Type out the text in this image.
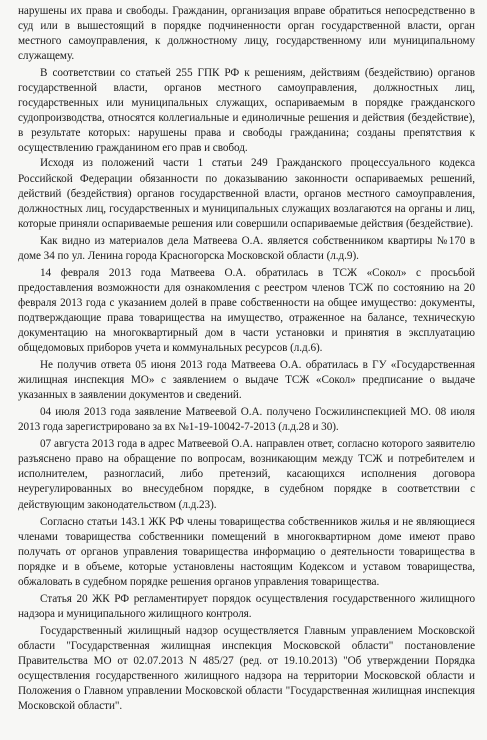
нарушены их права и свободы. Гражданин, организация вправе обратиться непосредственно в суд или в вышестоящий в порядке подчиненности орган государственной власти, орган местного самоуправления, к должностному лицу, государственному или муниципальному служащему.

В соответствии со статьей 255 ГПК РФ к решениям, действиям (бездействию) органов государственной власти, органов местного самоуправления, должностных лиц, государственных или муниципальных служащих, оспариваемым в порядке гражданского судопроизводства, относятся коллегиальные и единоличные решения и действия (бездействие), в результате которых: нарушены права и свободы гражданина; созданы препятствия к осуществлению гражданином его прав и свобод.

Исходя из положений части 1 статьи 249 Гражданского процессуального кодекса Российской Федерации обязанности по доказыванию законности оспариваемых решений, действий (бездействия) органов государственной власти, органов местного самоуправления, должностных лиц, государственных и муниципальных служащих возлагаются на органы и лиц, которые приняли оспариваемые решения или совершили оспариваемые действия (бездействие).

Как видно из материалов дела Матвеева О.А. является собственником квартиры №170 в доме 34 по ул. Ленина города Красногорска Московской области (л.д.9).

14 февраля 2013 года Матвеева О.А. обратилась в ТСЖ «Сокол» с просьбой предоставления возможности для ознакомления с реестром членов ТСЖ по состоянию на 20 февраля 2013 года с указанием долей в праве собственности на общее имущество: документы, подтверждающие права товарищества на имущество, отраженное на балансе, техническую документацию на многоквартирный дом в части установки и принятия в эксплуатацию общедомовых приборов учета и коммунальных ресурсов (л.д.6).

Не получив ответа 05 июня 2013 года Матвеева О.А. обратилась в ГУ «Государственная жилищная инспекция МО» с заявлением о выдаче ТСЖ «Сокол» предписание о выдаче указанных в заявлении документов и сведений.

04 июля 2013 года заявление Матвеевой О.А. получено Госжилинспекцией МО. 08 июля 2013 года зарегистрировано за вх №1-19-10042-7-2013 (л.д.28 и 30).

07 августа 2013 года в адрес Матвеевой О.А. направлен ответ, согласно которого заявителю разъяснено право на обращение по вопросам, возникающим между ТСЖ и потребителем и исполнителем, разногласий, либо претензий, касающихся исполнения договора неурегулированных во внесудебном порядке, в судебном порядке в соответствии с действующим законодательством (л.д.23).

Согласно статьи 143.1 ЖК РФ члены товарищества собственников жилья и не являющиеся членами товарищества собственники помещений в многоквартирном доме имеют право получать от органов управления товарищества информацию о деятельности товарищества в порядке и в объеме, которые установлены настоящим Кодексом и уставом товарищества, обжаловать в судебном порядке решения органов управления товарищества.

Статья 20 ЖК РФ регламентирует порядок осуществления государственного жилищного надзора и муниципального жилищного контроля.

Государственный жилищный надзор осуществляется Главным управлением Московской области "Государственная жилищная инспекция Московской области" постановление Правительства МО от 02.07.2013 N 485/27 (ред. от 19.10.2013) "Об утверждении Порядка осуществления государственного жилищного надзора на территории Московской области и Положения о Главном управлении Московской области "Государственная жилищная инспекция Московской области".
